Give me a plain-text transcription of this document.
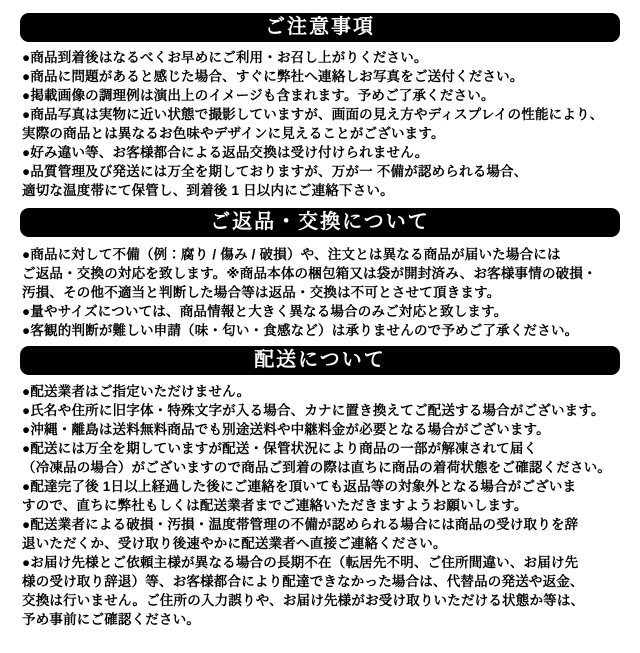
ご注意事項
●商品到着後はなるべくお早めにご利用・お召し上がりください。
●商品に問題があると感じた場合、すぐに弊社へ連絡しお写真をご送付ください。
●掲載画像の調理例は演出上のイメージも含まれます。予めご了承ください。
●商品写真は実物に近い状態で撮影していますが、画面の見え方やディスプレイの性能により、
実際の商品とは異なるお色味やデザインに見えることがございます。
●好み違い等、お客様都合による返品交換は受け付けられません。
●品質管理及び発送には万全を期しておりますが、万が一 不備が認められる場合、
適切な温度帯にて保管し、到着後 1 日以内にご連絡下さい。
ご返品・交換について
●商品に対して不備（例：腐り / 傷み / 破損）や、注文とは異なる商品が届いた場合には
ご返品・交換の対応を致します。※商品本体の梱包箱又は袋が開封済み、お客様事情の破損・
汚損、その他不適当と判断した場合等は返品・交換は不可とさせて頂きます。
●量やサイズについては、商品情報と大きく異なる場合のみご対応と致します。
●客観的判断が難しい申請（味・匂い・食感など）は承りませんので予めご了承ください。
配送について
●配送業者はご指定いただけません。
●氏名や住所に旧字体・特殊文字が入る場合、カナに置き換えてご配送する場合がございます。
●沖縄・離島は送料無料商品でも別途送料や中継料金が必要となる場合がございます。
●配送には万全を期していますが配送・保管状況により商品の一部が解凍されて届く
（冷凍品の場合）がございますので商品ご到着の際は直ちに商品の着荷状態をご確認ください。
●配達完了後 1日以上経過した後にご連絡を頂いても返品等の対象外となる場合がございま
すので、直ちに弊社もしくは配送業者までご連絡いただきますようお願いします。
●配送業者による破損・汚損・温度帯管理の不備が認められる場合には商品の受け取りを辞
退いただくか、受け取り後速やかに配送業者へ直接ご連絡ください。
●お届け先様とご依頼主様が異なる場合の長期不在（転居先不明、ご住所間違い、お届け先
様の受け取り辞退）等、お客様都合により配達できなかった場合は、代替品の発送や返金、
交換は行いません。ご住所の入力誤りや、お届け先様がお受け取りいただける状態か等は、
予め事前にご確認ください。
